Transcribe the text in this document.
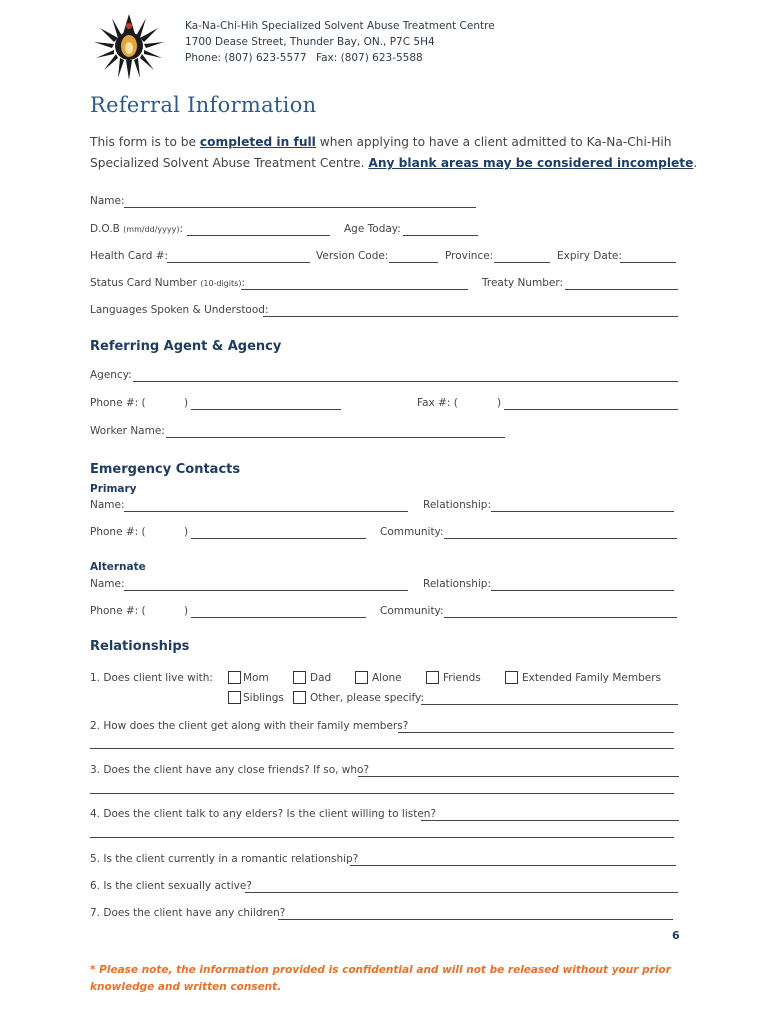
Ka-Na-Chi-Hih Specialized Solvent Abuse Treatment Centre
1700 Dease Street, Thunder Bay, ON., P7C 5H4
Phone: (807) 623-5577 Fax: (807) 623-5588
Referral Information
This form is to be completed in full when applying to have a client admitted to Ka-Na-Chi-Hih
Specialized Solvent Abuse Treatment Centre. Any blank areas may be considered incomplete.
Name:
D.O.B (mm/dd/yyyy):	Age Today:
Health Card #:	Version Code:	Province:	Expiry Date:
Status Card Number (10-digits):	Treaty Number:
Languages Spoken & Understood:
Referring Agent & Agency
Agency:
Phone #: (	)	Fax #: (	)
Worker Name:
Emergency Contacts
Primary
Name:	Relationship:
Phone #: (	)	Community:
Alternate
Name:	Relationship:
Phone #: (	)	Community:
Relationships
1. Does client live with:	Mom	Dad	Alone	Friends	Extended Family Members
Siblings Other, please specify:
2. How does the client get along with their family members?
3. Does the client have any close friends? If so, who?
4. Does the client talk to any elders? Is the client willing to listen?
5. Is the client currently in a romantic relationship?
6. Is the client sexually active?
7. Does the client have any children?
6
* Please note, the information provided is confidential and will not be released without your prior knowledge and written consent.
